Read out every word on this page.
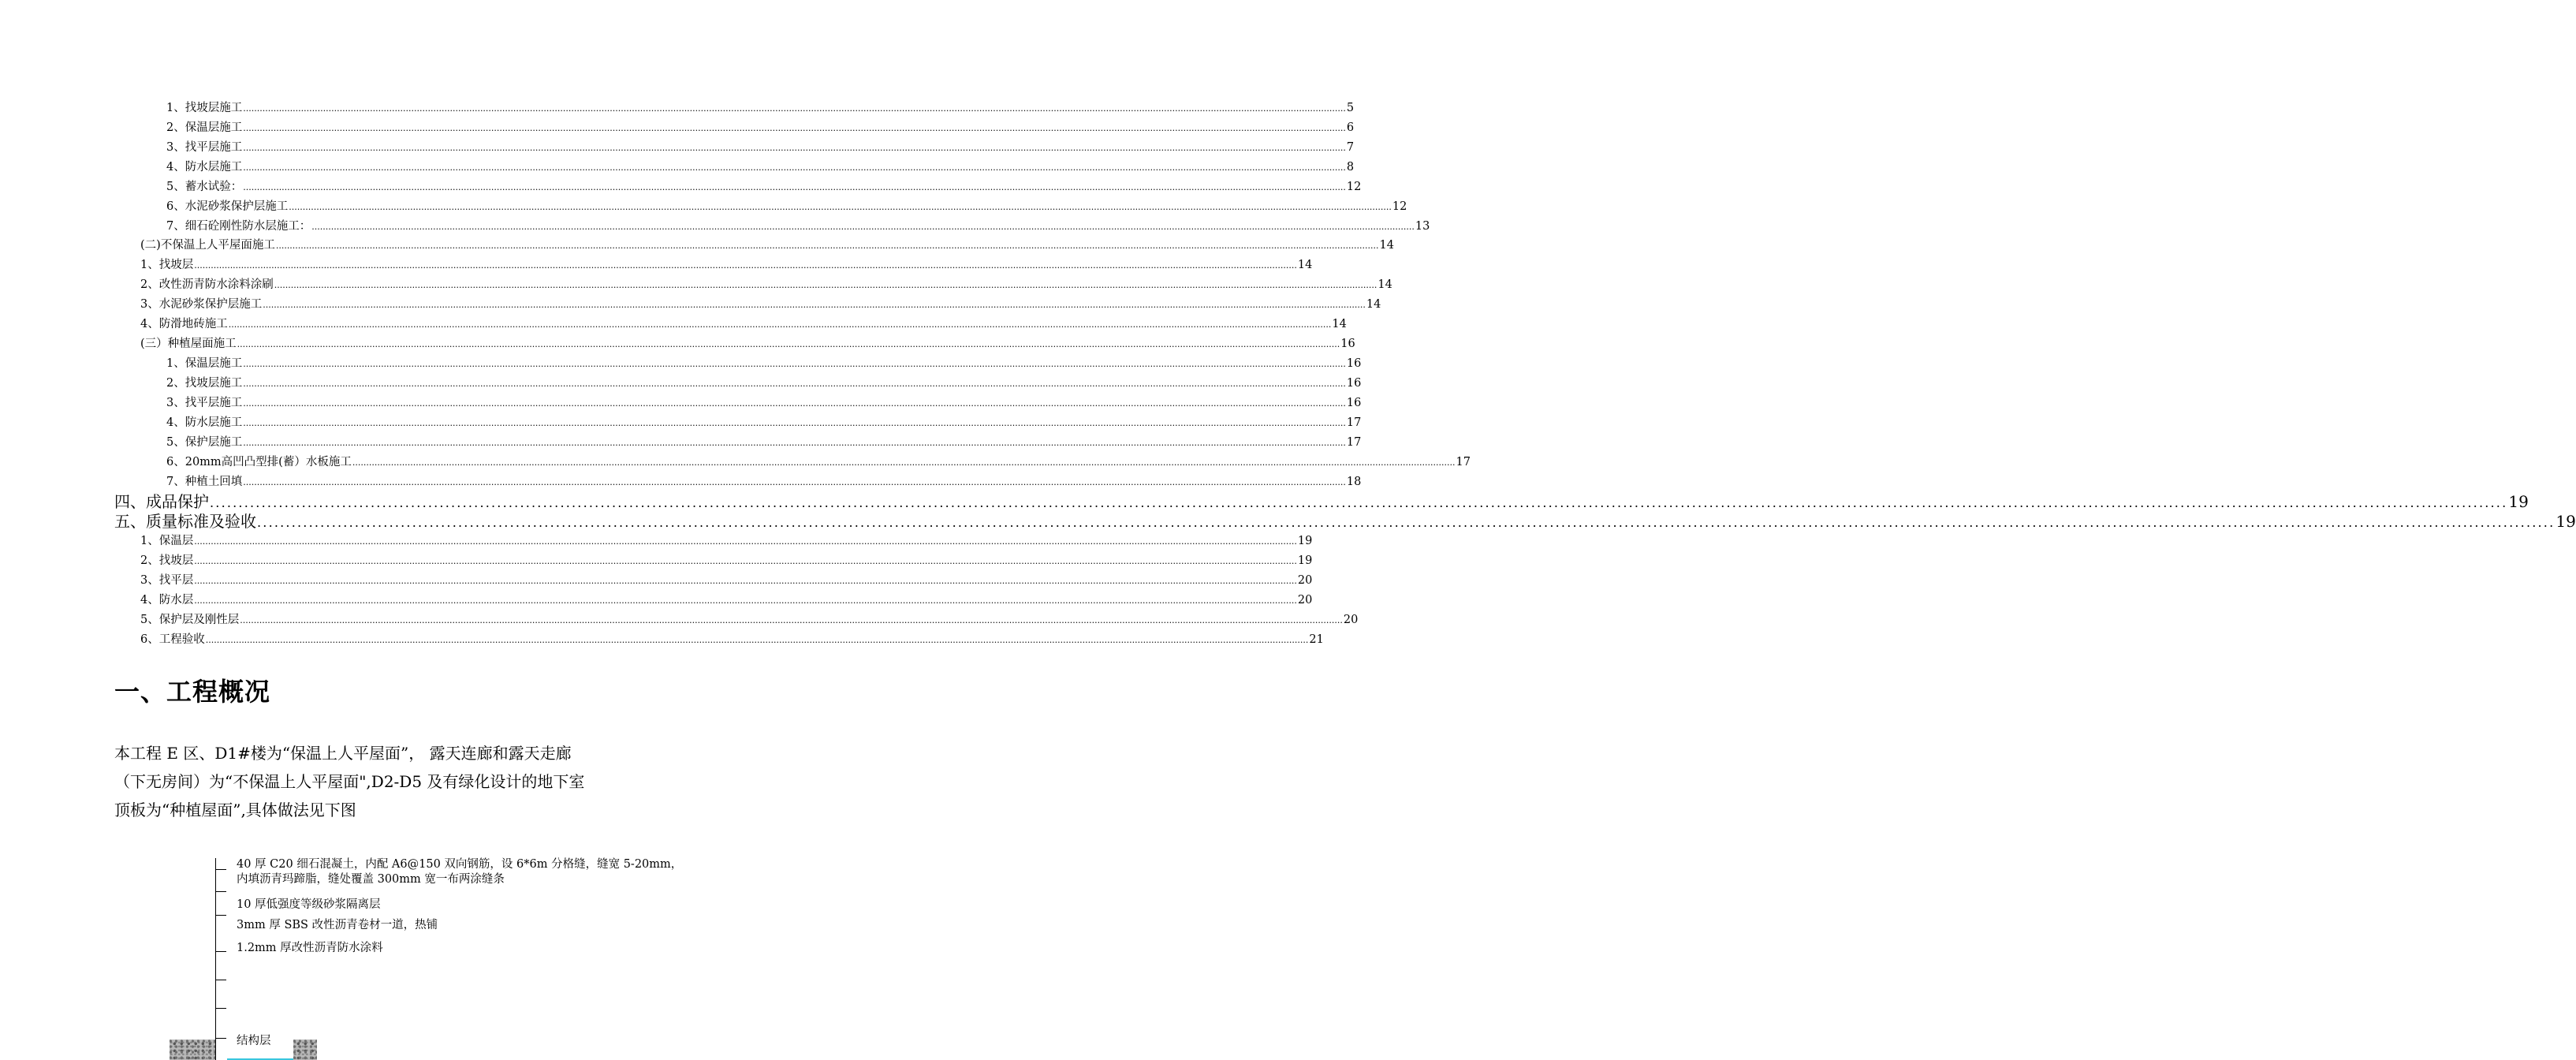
1、找坡层施工 ................................................................................................................................................................................................................................................................................................................................................................................................................ 5
2、保温层施工 ................................................................................................................................................................................................................................................................................................................................................................................................................ 6
3、找平层施工 ................................................................................................................................................................................................................................................................................................................................................................................................................ 7
4、防水层施工 ................................................................................................................................................................................................................................................................................................................................................................................................................ 8
5、蓄水试验： ................................................................................................................................................................................................................................................................................................................................................................................................................ 12
6、水泥砂浆保护层施工 ................................................................................................................................................................................................................................................................................................................................................................................................................ 12
7、细石砼刚性防水层施工： ................................................................................................................................................................................................................................................................................................................................................................................................................ 13
(二)不保温上人平屋面施工 ................................................................................................................................................................................................................................................................................................................................................................................................................ 14
1、找坡层 ................................................................................................................................................................................................................................................................................................................................................................................................................ 14
2、改性沥青防水涂料涂刷 ................................................................................................................................................................................................................................................................................................................................................................................................................ 14
3、水泥砂浆保护层施工 ................................................................................................................................................................................................................................................................................................................................................................................................................ 14
4、防滑地砖施工 ................................................................................................................................................................................................................................................................................................................................................................................................................ 14
(三）种植屋面施工 ................................................................................................................................................................................................................................................................................................................................................................................................................ 16
1、保温层施工 ................................................................................................................................................................................................................................................................................................................................................................................................................ 16
2、找坡层施工 ................................................................................................................................................................................................................................................................................................................................................................................................................ 16
3、找平层施工 ................................................................................................................................................................................................................................................................................................................................................................................................................ 16
4、防水层施工 ................................................................................................................................................................................................................................................................................................................................................................................................................ 17
5、保护层施工 ................................................................................................................................................................................................................................................................................................................................................................................................................ 17
6、20mm高凹凸型排(蓄）水板施工 ................................................................................................................................................................................................................................................................................................................................................................................................................ 17
7、种植土回填 ................................................................................................................................................................................................................................................................................................................................................................................................................ 18
四、成品保护 ................................................................................................................................................................................................................................................................................................................................................................................................................ 19
五、质量标准及验收 ................................................................................................................................................................................................................................................................................................................................................................................................................ 19
1、保温层 ................................................................................................................................................................................................................................................................................................................................................................................................................ 19
2、找坡层 ................................................................................................................................................................................................................................................................................................................................................................................................................ 19
3、找平层 ................................................................................................................................................................................................................................................................................................................................................................................................................ 20
4、防水层 ................................................................................................................................................................................................................................................................................................................................................................................................................ 20
5、保护层及刚性层 ................................................................................................................................................................................................................................................................................................................................................................................................................ 20
6、工程验收 ................................................................................................................................................................................................................................................................................................................................................................................................................ 21
一、工程概况
本工程 E 区、D1#楼为“保温上人平屋面”， 露天连廊和露天走廊
（下无房间）为“不保温上人平屋面",D2-D5 及有绿化设计的地下室
顶板为“种植屋面”,具体做法见下图
40 厚 C20 细石混凝土，内配 A6@150 双向钢筋，设 6*6m 分格缝，缝宽 5-20mm，
内填沥青玛蹄脂，缝处覆盖 300mm 宽一布两涂缝条
10 厚低强度等级砂浆隔离层
3mm 厚 SBS 改性沥青卷材一道，热铺
1.2mm 厚改性沥青防水涂料
结构层
